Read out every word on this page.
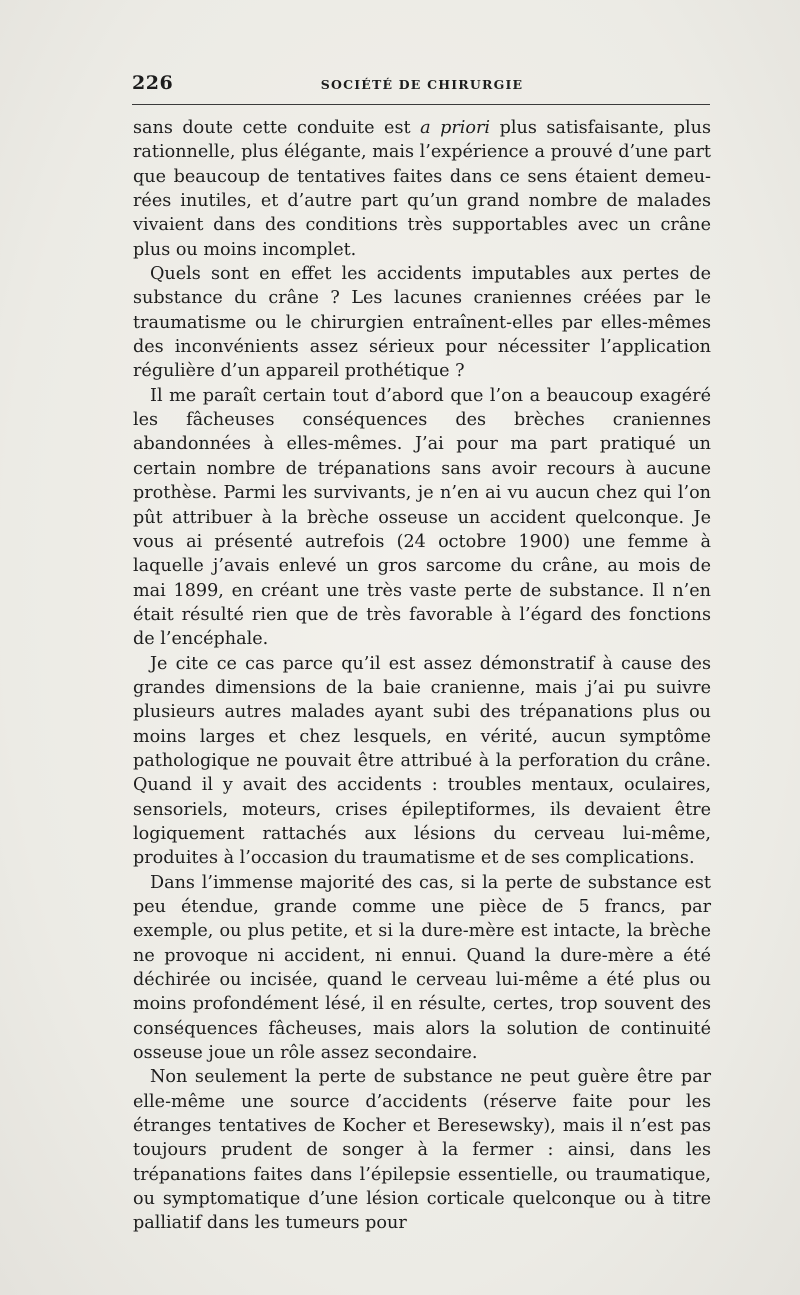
226	SOCIÉTÉ DE CHIRURGIE

sans doute cette conduite est a priori plus satisfaisante, plus rationnelle, plus élégante, mais l’expérience a prouvé d’une part que beaucoup de tentatives faites dans ce sens étaient demeurées inutiles, et d’autre part qu’un grand nombre de malades vivaient dans des conditions très supportables avec un crâne plus ou moins incomplet.

Quels sont en effet les accidents imputables aux pertes de substance du crâne ? Les lacunes craniennes créées par le traumatisme ou le chirurgien entraînent-elles par elles-mêmes des inconvénients assez sérieux pour nécessiter l’application régulière d’un appareil prothétique ?

Il me paraît certain tout d’abord que l’on a beaucoup exagéré les fâcheuses conséquences des brèches craniennes abandonnées à elles-mêmes. J’ai pour ma part pratiqué un certain nombre de trépanations sans avoir recours à aucune prothèse. Parmi les survivants, je n’en ai vu aucun chez qui l’on pût attribuer à la brèche osseuse un accident quelconque. Je vous ai présenté autrefois (24 octobre 1900) une femme à laquelle j’avais enlevé un gros sarcome du crâne, au mois de mai 1899, en créant une très vaste perte de substance. Il n’en était résulté rien que de très favorable à l’égard des fonctions de l’encéphale.

Je cite ce cas parce qu’il est assez démonstratif à cause des grandes dimensions de la baie cranienne, mais j’ai pu suivre plusieurs autres malades ayant subi des trépanations plus ou moins larges et chez lesquels, en vérité, aucun symptôme pathologique ne pouvait être attribué à la perforation du crâne. Quand il y avait des accidents : troubles mentaux, oculaires, sensoriels, moteurs, crises épileptiformes, ils devaient être logiquement rattachés aux lésions du cerveau lui-même, produites à l’occasion du traumatisme et de ses complications.

Dans l’immense majorité des cas, si la perte de substance est peu étendue, grande comme une pièce de 5 francs, par exemple, ou plus petite, et si la dure-mère est intacte, la brèche ne provoque ni accident, ni ennui. Quand la dure-mère a été déchirée ou incisée, quand le cerveau lui-même a été plus ou moins profondément lésé, il en résulte, certes, trop souvent des conséquences fâcheuses, mais alors la solution de continuité osseuse joue un rôle assez secondaire.

Non seulement la perte de substance ne peut guère être par elle-même une source d’accidents (réserve faite pour les étranges tentatives de Kocher et Beresewsky), mais il n’est pas toujours prudent de songer à la fermer : ainsi, dans les trépanations faites dans l’épilepsie essentielle, ou traumatique, ou symptomatique d’une lésion corticale quelconque ou à titre palliatif dans les tumeurs pour
